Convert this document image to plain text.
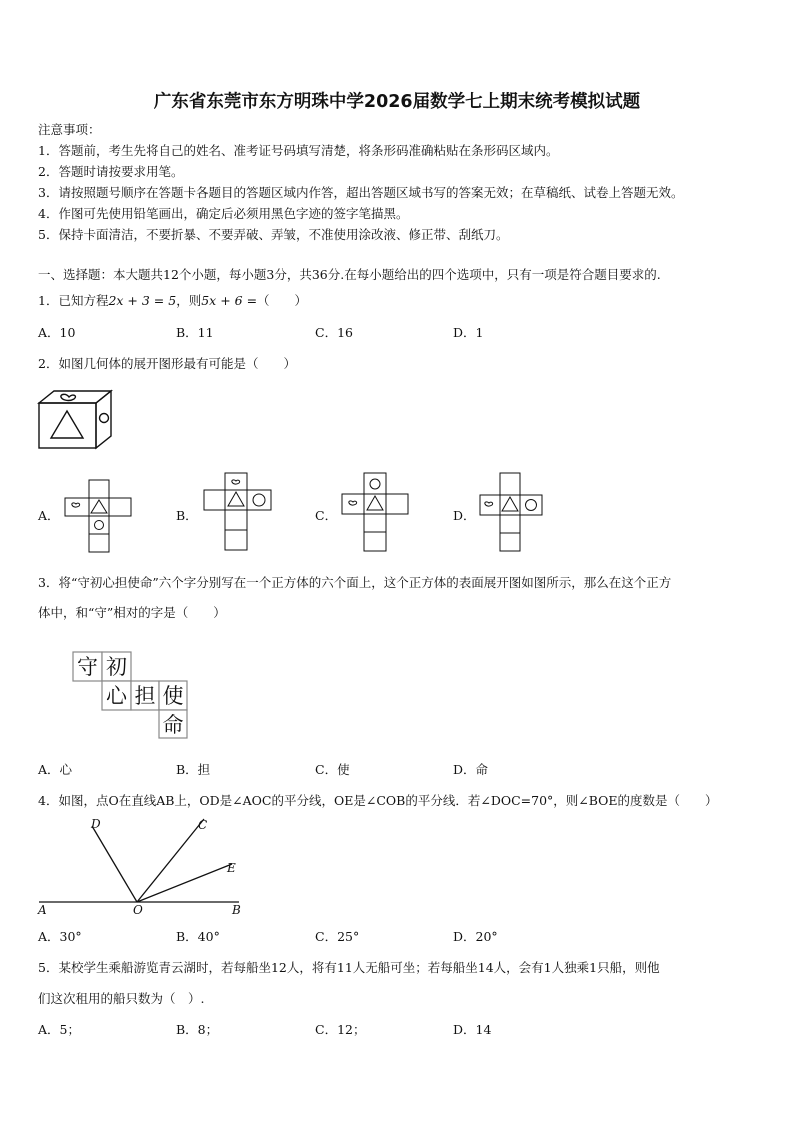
广东省东莞市东方明珠中学2026届数学七上期末统考模拟试题
注意事项：
1．答题前，考生先将自己的姓名、准考证号码填写清楚，将条形码准确粘贴在条形码区域内。
2．答题时请按要求用笔。
3．请按照题号顺序在答题卡各题目的答题区域内作答，超出答题区域书写的答案无效；在草稿纸、试卷上答题无效。
4．作图可先使用铅笔画出，确定后必须用黑色字迹的签字笔描黑。
5．保持卡面清洁，不要折暴、不要弄破、弄皱，不准使用涂改液、修正带、刮纸刀。
一、选择题：本大题共12个小题，每小题3分，共36分.在每小题给出的四个选项中，只有一项是符合题目要求的.
1．已知方程2x + 3 = 5，则5x + 6 =（　　）
A．10	B．11	C．16	D．1
2．如图几何体的展开图形最有可能是（　　）
A．	B．	C．	D．
3．将“守初心担使命”六个字分别写在一个正方体的六个面上，这个正方体的表面展开图如图所示，那么在这个正方
体中，和“守”相对的字是（　　）
守 初
心 担 使
命
A．心	B．担	C．使	D．命
4．如图，点O在直线AB上，OD是∠AOC的平分线，OE是∠COB的平分线．若∠DOC=70°，则∠BOE的度数是（　　）
D	C
E
A	O	B
A．30°	B．40°	C．25°	D．20°
5．某校学生乘船游览青云湖时，若每船坐12人，将有11人无船可坐；若每船坐14人，会有1人独乘1只船，则他
们这次租用的船只数为（　）.
A．5；	B．8；	C．12；	D．14
